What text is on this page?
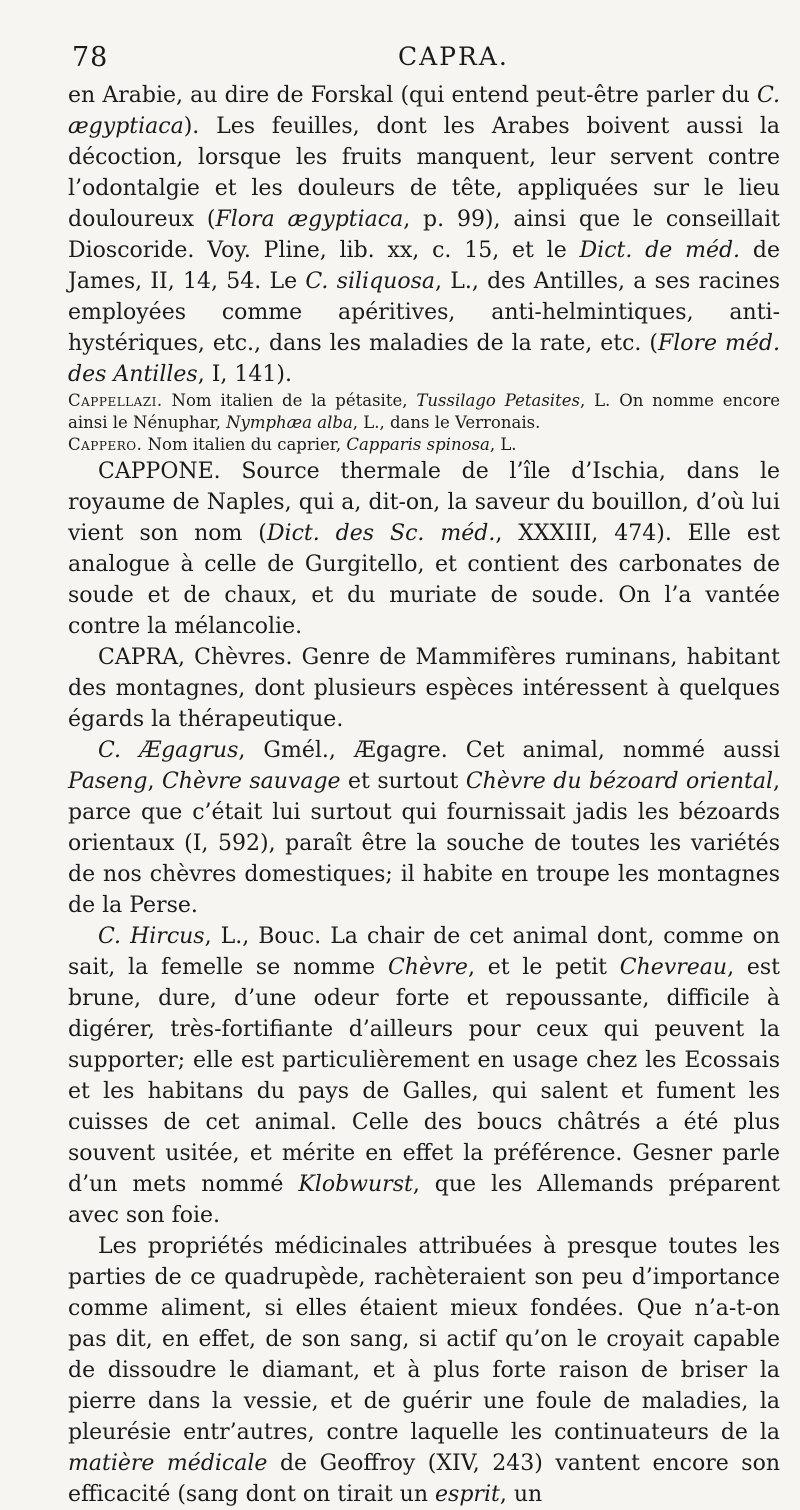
78	CAPRA.

en Arabie, au dire de Forskal (qui entend peut-être parler du C. ægyptiaca). Les feuilles, dont les Arabes boivent aussi la décoction, lorsque les fruits manquent, leur servent contre l’odontalgie et les douleurs de tête, appliquées sur le lieu douloureux (Flora ægyptiaca, p. 99), ainsi que le conseillait Dioscoride. Voy. Pline, lib. xx, c. 15, et le Dict. de méd. de James, II, 14, 54. Le C. siliquosa, L., des Antilles, a ses racines employées comme apéritives, anti-helmintiques, anti-hystériques, etc., dans les maladies de la rate, etc. (Flore méd. des Antilles, I, 141).

Cappellazi. Nom italien de la pétasite, Tussilago Petasites, L. On nomme encore ainsi le Nénuphar, Nymphæa alba, L., dans le Verronais.

Cappero. Nom italien du caprier, Capparis spinosa, L.

CAPPONE. Source thermale de l’île d’Ischia, dans le royaume de Naples, qui a, dit-on, la saveur du bouillon, d’où lui vient son nom (Dict. des Sc. méd., XXXIII, 474). Elle est analogue à celle de Gurgitello, et contient des carbonates de soude et de chaux, et du muriate de soude. On l’a vantée contre la mélancolie.

CAPRA, Chèvres. Genre de Mammifères ruminans, habitant des montagnes, dont plusieurs espèces intéressent à quelques égards la thérapeutique.

C. Ægagrus, Gmél., Ægagre. Cet animal, nommé aussi Paseng, Chèvre sauvage et surtout Chèvre du bézoard oriental, parce que c’était lui surtout qui fournissait jadis les bézoards orientaux (I, 592), paraît être la souche de toutes les variétés de nos chèvres domestiques; il habite en troupe les montagnes de la Perse.

C. Hircus, L., Bouc. La chair de cet animal dont, comme on sait, la femelle se nomme Chèvre, et le petit Chevreau, est brune, dure, d’une odeur forte et repoussante, difficile à digérer, très-fortifiante d’ailleurs pour ceux qui peuvent la supporter; elle est particulièrement en usage chez les Ecossais et les habitans du pays de Galles, qui salent et fument les cuisses de cet animal. Celle des boucs châtrés a été plus souvent usitée, et mérite en effet la préférence. Gesner parle d’un mets nommé Klobwurst, que les Allemands préparent avec son foie.

Les propriétés médicinales attribuées à presque toutes les parties de ce quadrupède, rachèteraient son peu d’importance comme aliment, si elles étaient mieux fondées. Que n’a-t-on pas dit, en effet, de son sang, si actif qu’on le croyait capable de dissoudre le diamant, et à plus forte raison de briser la pierre dans la vessie, et de guérir une foule de maladies, la pleurésie entr’autres, contre laquelle les continuateurs de la matière médicale de Geoffroy (XIV, 243) vantent encore son efficacité (sang dont on tirait un esprit, un
